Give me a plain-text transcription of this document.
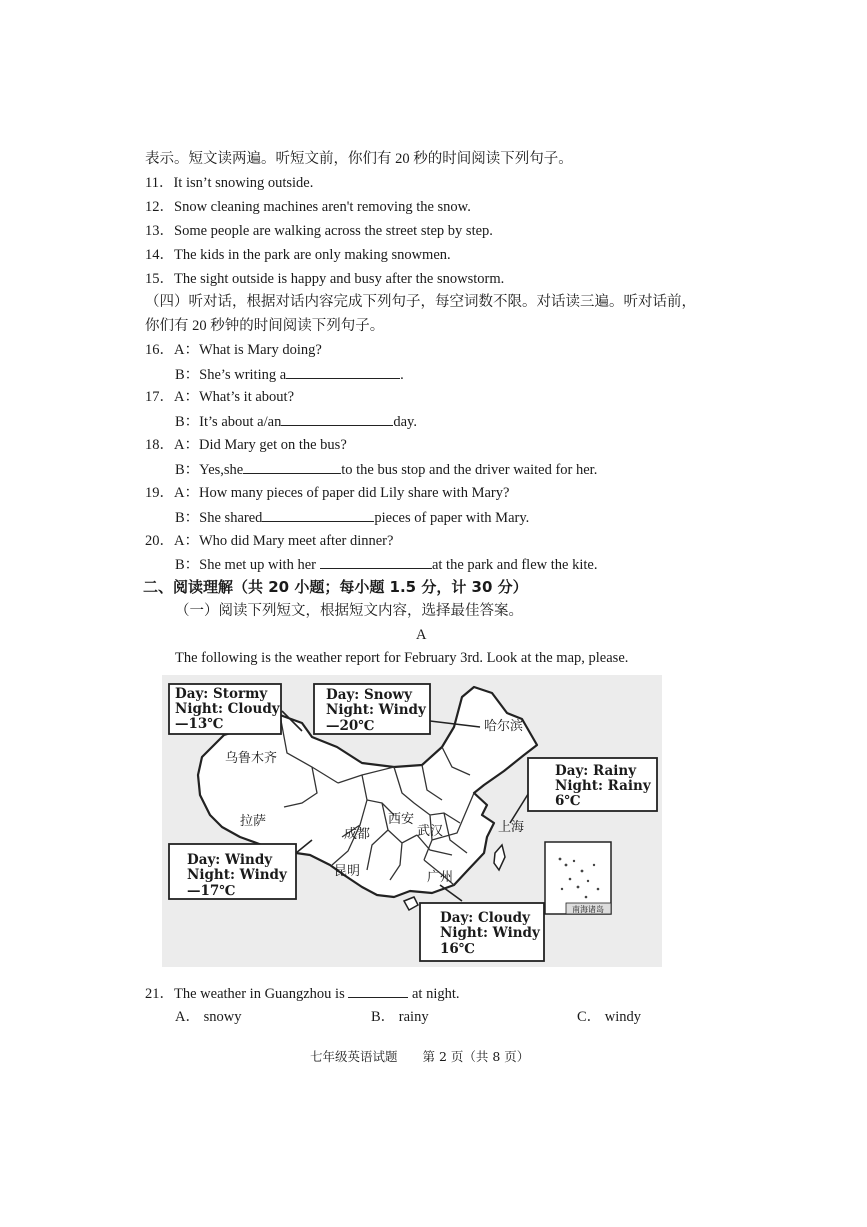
表示。短文读两遍。听短文前，你们有 20 秒的时间阅读下列句子。
11．It isn’t snowing outside.
12．Snow cleaning machines aren't removing the snow.
13．Some people are walking across the street step by step.
14．The kids in the park are only making snowmen.
15．The sight outside is happy and busy after the snowstorm.
（四）听对话，根据对话内容完成下列句子，每空词数不限。对话读三遍。听对话前，
你们有 20 秒钟的时间阅读下列句子。
16．A：What is Mary doing?
B：She’s writing a	.
17．A：What’s it about?
B：It’s about a/an	day.
18．A：Did Mary get on the bus?
B：Yes,she	to the bus stop and the driver waited for her.
19．A：How many pieces of paper did Lily share with Mary?
B：She shared	pieces of paper with Mary.
20．A：Who did Mary meet after dinner?
B：She met up with her	at the park and flew the kite.
二、阅读理解（共 20 小题；每小题 1.5 分，计 30 分）
（一）阅读下列短文，根据短文内容，选择最佳答案。
A
The following is the weather report for February 3rd. Look at the map, please.
南海诸岛
乌鲁木齐
哈尔滨
拉萨	西安
成都	武汉	上海
昆明	广州
Day: Stormy
Night: Cloudy
—13℃
Day: Snowy
Night: Windy
—20℃
Day: Rainy
Night: Rainy
6℃
Day: Windy
Night: Windy
—17℃
Day: Cloudy
Night: Windy
16℃
21．The weather in Guangzhou is	at night.
A． snowy	B． rainy	C． windy
七年级英语试题　　第 2 页（共 8 页）
